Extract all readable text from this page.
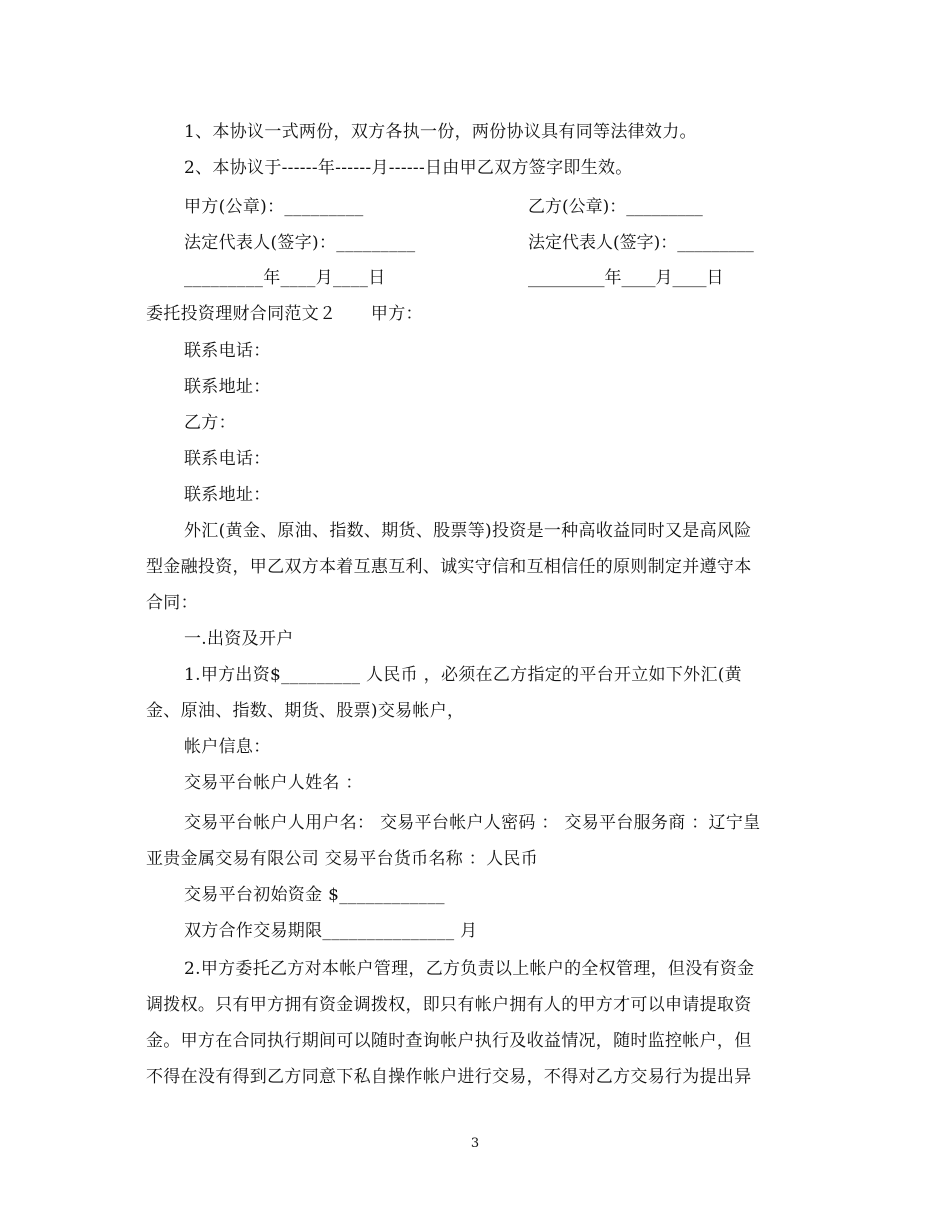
1、本协议一式两份，双方各执一份，两份协议具有同等法律效力。
2、本协议于------年------月------日由甲乙双方签字即生效。
甲方(公章)：_________	乙方(公章)：_________
法定代表人(签字)：_________	法定代表人(签字)：_________
_________年____月____日	_________年____月____日
委托投资理财合同范文２　　甲方：
联系电话：
联系地址：
乙方：
联系电话：
联系地址：
外汇(黄金、原油、指数、期货、股票等)投资是一种高收益同时又是高风险
型金融投资，甲乙双方本着互惠互利、诚实守信和互相信任的原则制定并遵守本
合同：
一.出资及开户
1.甲方出资$_________ 人民币 ，必须在乙方指定的平台开立如下外汇(黄
金、原油、指数、期货、股票)交易帐户，
帐户信息：
交易平台帐户人姓名 ：
交易平台帐户人用户名： 交易平台帐户人密码 ： 交易平台服务商 ：辽宁皇
亚贵金属交易有限公司 交易平台货币名称 ：人民币
交易平台初始资金 $____________
双方合作交易期限_______________ 月
2.甲方委托乙方对本帐户管理，乙方负责以上帐户的全权管理，但没有资金
调拨权。只有甲方拥有资金调拨权，即只有帐户拥有人的甲方才可以申请提取资
金。甲方在合同执行期间可以随时查询帐户执行及收益情况，随时监控帐户，但
不得在没有得到乙方同意下私自操作帐户进行交易，不得对乙方交易行为提出异
3
